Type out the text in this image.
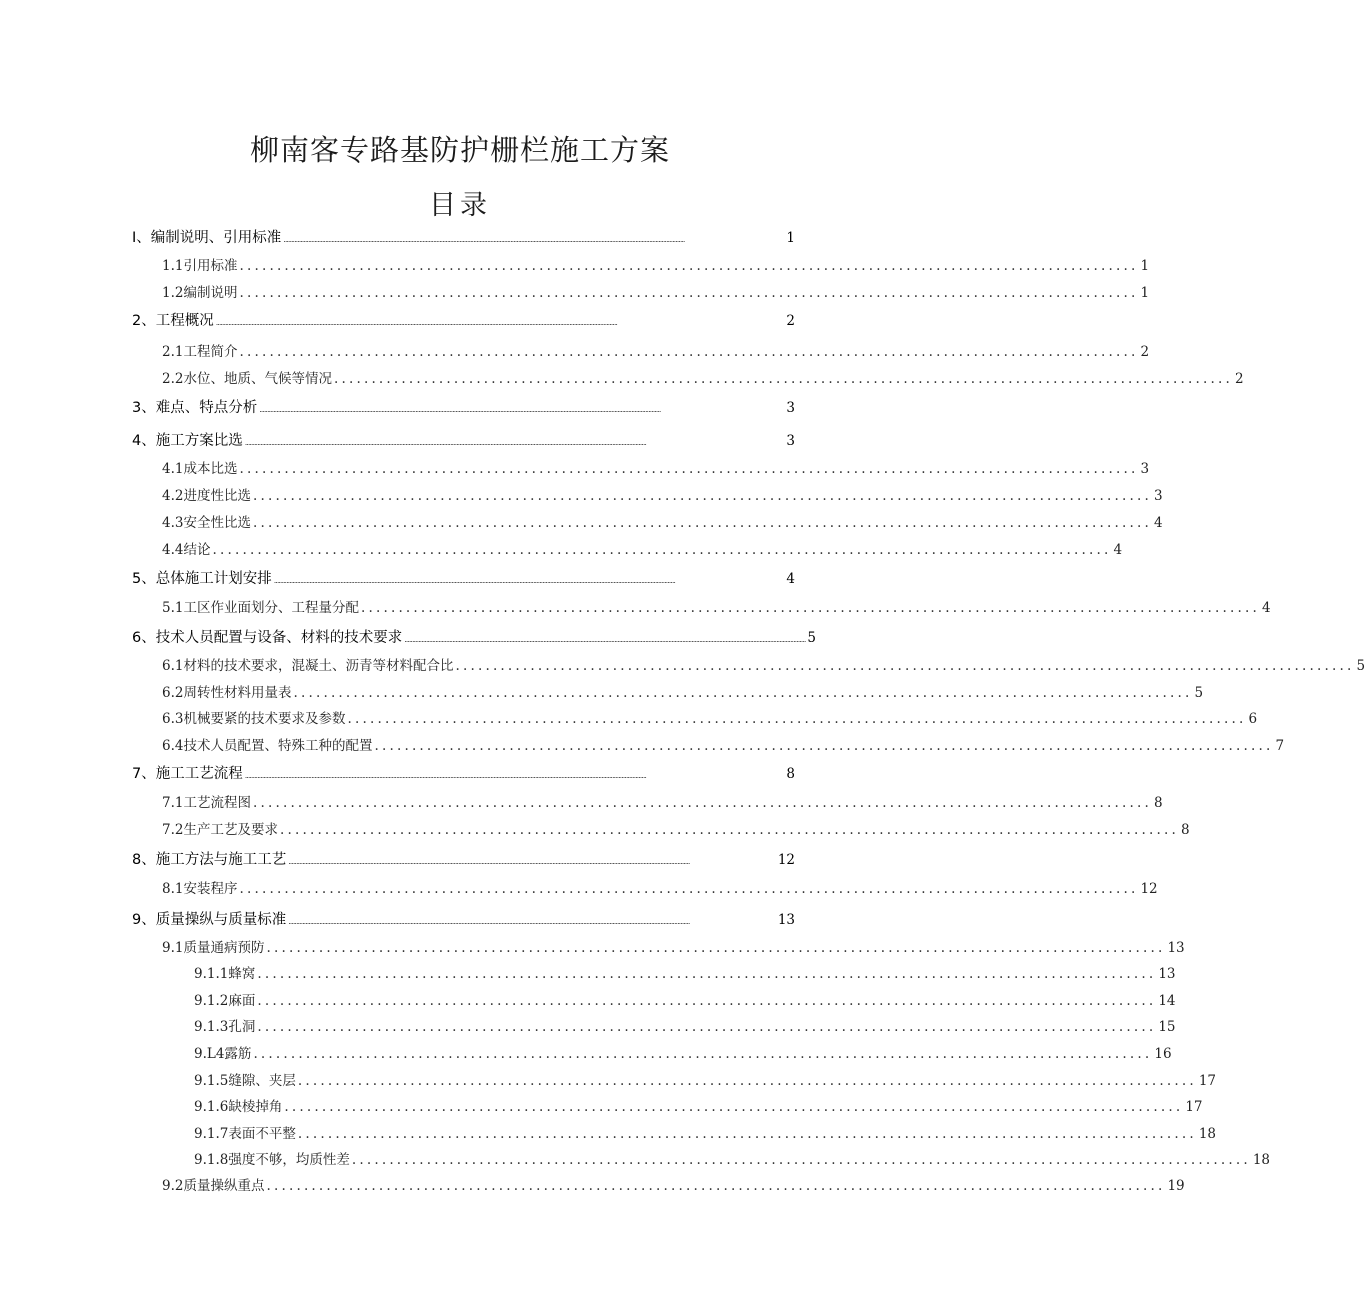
柳南客专路基防护栅栏施工方案
目录
I、编制说明、引用标准 ....................................................................................................................................................................................................................................................................	1
1.1引用标准 ........................................................................................................................ 1
1.2编制说明 ........................................................................................................................ 1
2、工程概况 ....................................................................................................................................................................................................................................................................	2
2.1工程简介 ........................................................................................................................ 2
2.2水位、地质、气候等情况 ........................................................................................................................ 2
3、难点、特点分析 ....................................................................................................................................................................................................................................................................	3
4、施工方案比选 ....................................................................................................................................................................................................................................................................	3
4.1成本比选 ........................................................................................................................ 3
4.2进度性比选 ........................................................................................................................ 3
4.3安全性比选 ........................................................................................................................ 4
4.4结论 ........................................................................................................................ 4
5、总体施工计划安排 ....................................................................................................................................................................................................................................................................	4
5.1工区作业面划分、工程量分配 ........................................................................................................................ 4
6、技术人员配置与设备、材料的技术要求 .................................................................................................................................................................................................................................................................... 5
6.1材料的技术要求，混凝土、沥青等材料配合比 ........................................................................................................................ 5
6.2周转性材料用量表 ........................................................................................................................ 5
6.3机械要紧的技术要求及参数 ........................................................................................................................ 6
6.4技术人员配置、特殊工种的配置 ........................................................................................................................ 7
7、施工工艺流程 ....................................................................................................................................................................................................................................................................	8
7.1工艺流程图 ........................................................................................................................ 8
7.2生产工艺及要求 ........................................................................................................................ 8
8、施工方法与施工工艺 ....................................................................................................................................................................................................................................................................	12
8.1安装程序 ........................................................................................................................ 12
9、质量操纵与质量标准 ....................................................................................................................................................................................................................................................................	13
9.1质量通病预防 ........................................................................................................................ 13
9.1.1蜂窝 ........................................................................................................................ 13
9.1.2麻面 ........................................................................................................................ 14
9.1.3孔洞 ........................................................................................................................ 15
9.L4露筋 ........................................................................................................................ 16
9.1.5缝隙、夹层 ........................................................................................................................ 17
9.1.6缺棱掉角 ........................................................................................................................ 17
9.1.7表面不平整 ........................................................................................................................ 18
9.1.8强度不够，均质性差 ........................................................................................................................ 18
9.2质量操纵重点 ........................................................................................................................ 19
